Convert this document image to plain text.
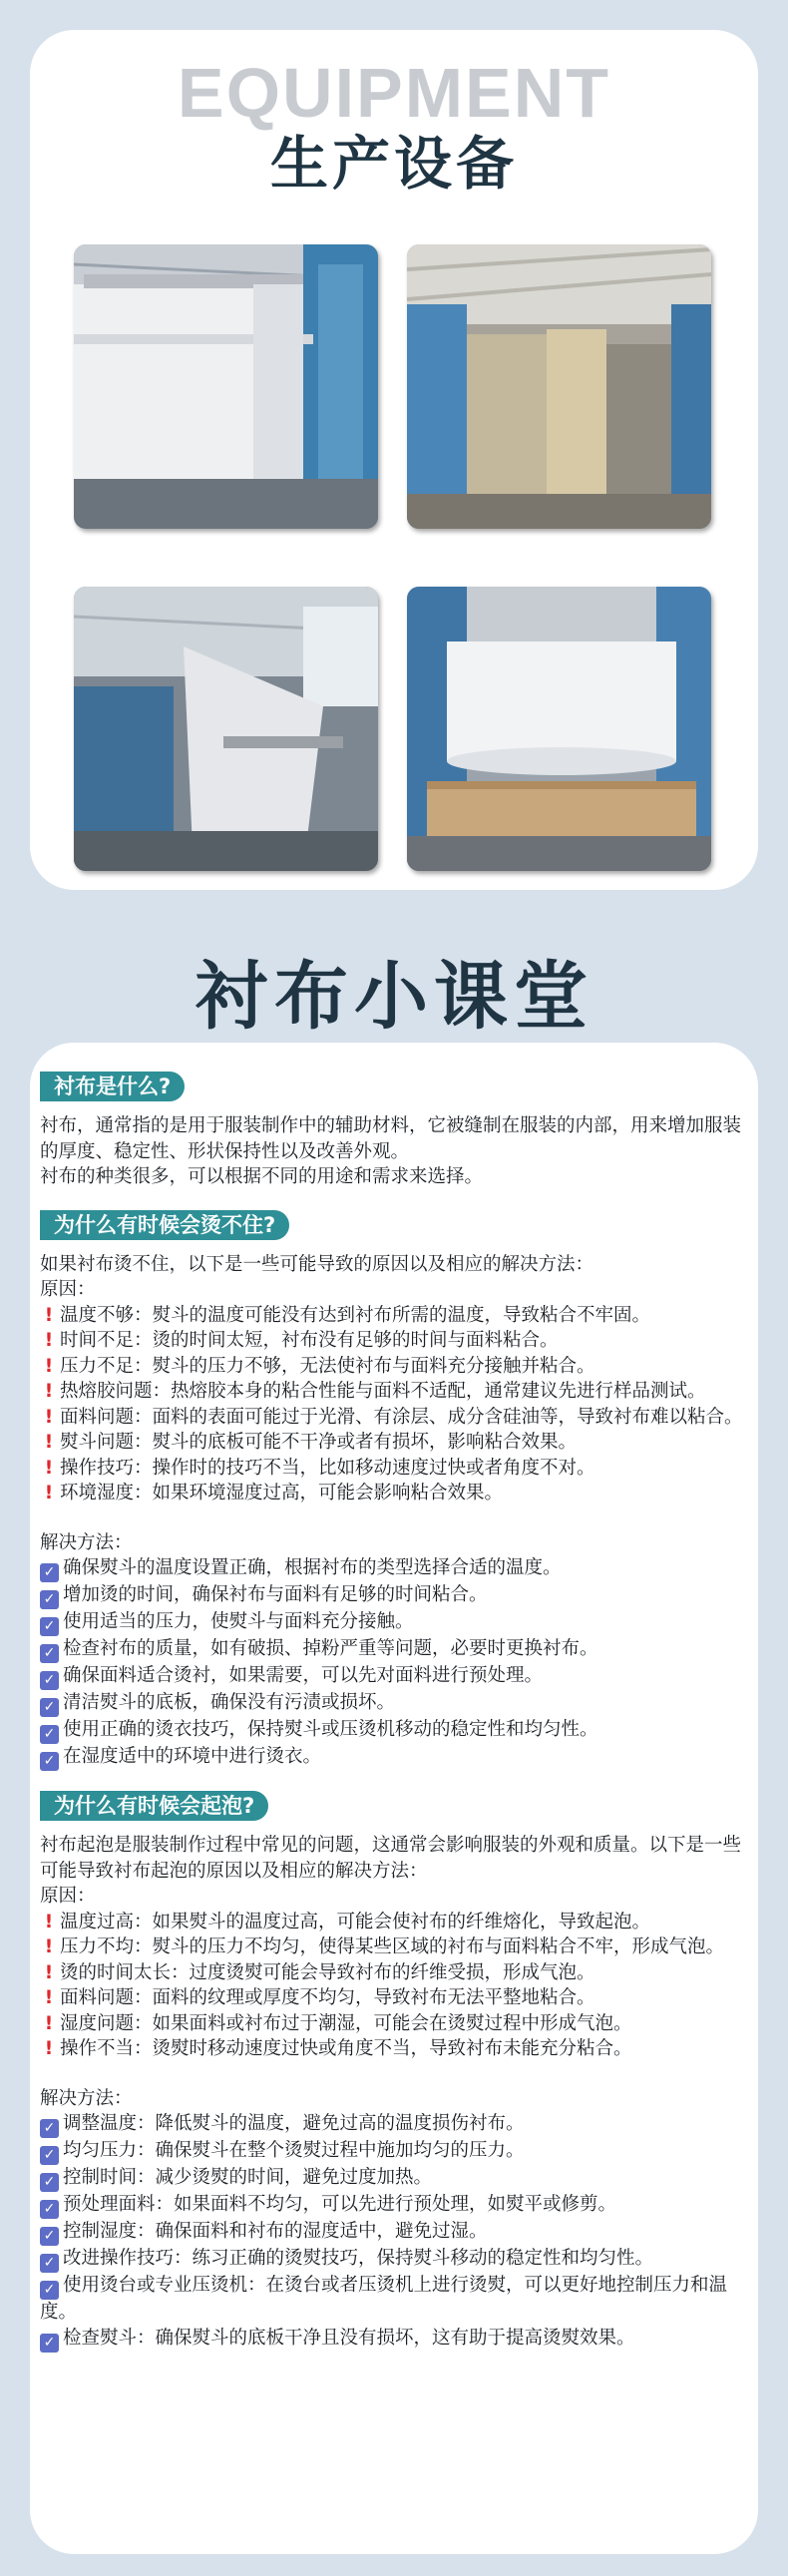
EQUIPMENT
生产设备
衬布小课堂
衬布是什么?
衬布，通常指的是用于服装制作中的辅助材料，它被缝制在服装的内部，用来增加服装的厚度、稳定性、形状保持性以及改善外观。
衬布的种类很多，可以根据不同的用途和需求来选择。
为什么有时候会烫不住?
如果衬布烫不住，以下是一些可能导致的原因以及相应的解决方法：
原因：
! 温度不够：熨斗的温度可能没有达到衬布所需的温度，导致粘合不牢固。
! 时间不足：烫的时间太短，衬布没有足够的时间与面料粘合。
! 压力不足：熨斗的压力不够，无法使衬布与面料充分接触并粘合。
! 热熔胶问题：热熔胶本身的粘合性能与面料不适配，通常建议先进行样品测试。
! 面料问题：面料的表面可能过于光滑、有涂层、成分含硅油等，导致衬布难以粘合。
! 熨斗问题：熨斗的底板可能不干净或者有损坏，影响粘合效果。
! 操作技巧：操作时的技巧不当，比如移动速度过快或者角度不对。
! 环境湿度：如果环境湿度过高，可能会影响粘合效果。
解决方法：
✓ 确保熨斗的温度设置正确，根据衬布的类型选择合适的温度。
✓ 增加烫的时间，确保衬布与面料有足够的时间粘合。
✓ 使用适当的压力，使熨斗与面料充分接触。
✓ 检查衬布的质量，如有破损、掉粉严重等问题，必要时更换衬布。
✓ 确保面料适合烫衬，如果需要，可以先对面料进行预处理。
✓ 清洁熨斗的底板，确保没有污渍或损坏。
✓ 使用正确的烫衣技巧，保持熨斗或压烫机移动的稳定性和均匀性。
✓ 在湿度适中的环境中进行烫衣。
为什么有时候会起泡?
衬布起泡是服装制作过程中常见的问题，这通常会影响服装的外观和质量。以下是一些可能导致衬布起泡的原因以及相应的解决方法：
原因：
! 温度过高：如果熨斗的温度过高，可能会使衬布的纤维熔化，导致起泡。
! 压力不均：熨斗的压力不均匀，使得某些区域的衬布与面料粘合不牢，形成气泡。
! 烫的时间太长：过度烫熨可能会导致衬布的纤维受损，形成气泡。
! 面料问题：面料的纹理或厚度不均匀，导致衬布无法平整地粘合。
! 湿度问题：如果面料或衬布过于潮湿，可能会在烫熨过程中形成气泡。
! 操作不当：烫熨时移动速度过快或角度不当，导致衬布未能充分粘合。
解决方法：
✓ 调整温度：降低熨斗的温度，避免过高的温度损伤衬布。
✓ 均匀压力：确保熨斗在整个烫熨过程中施加均匀的压力。
✓ 控制时间：减少烫熨的时间，避免过度加热。
✓ 预处理面料：如果面料不均匀，可以先进行预处理，如熨平或修剪。
✓ 控制湿度：确保面料和衬布的湿度适中，避免过湿。
✓ 改进操作技巧：练习正确的烫熨技巧，保持熨斗移动的稳定性和均匀性。
✓ 使用烫台或专业压烫机：在烫台或者压烫机上进行烫熨，可以更好地控制压力和温度。
✓ 检查熨斗：确保熨斗的底板干净且没有损坏，这有助于提高烫熨效果。
